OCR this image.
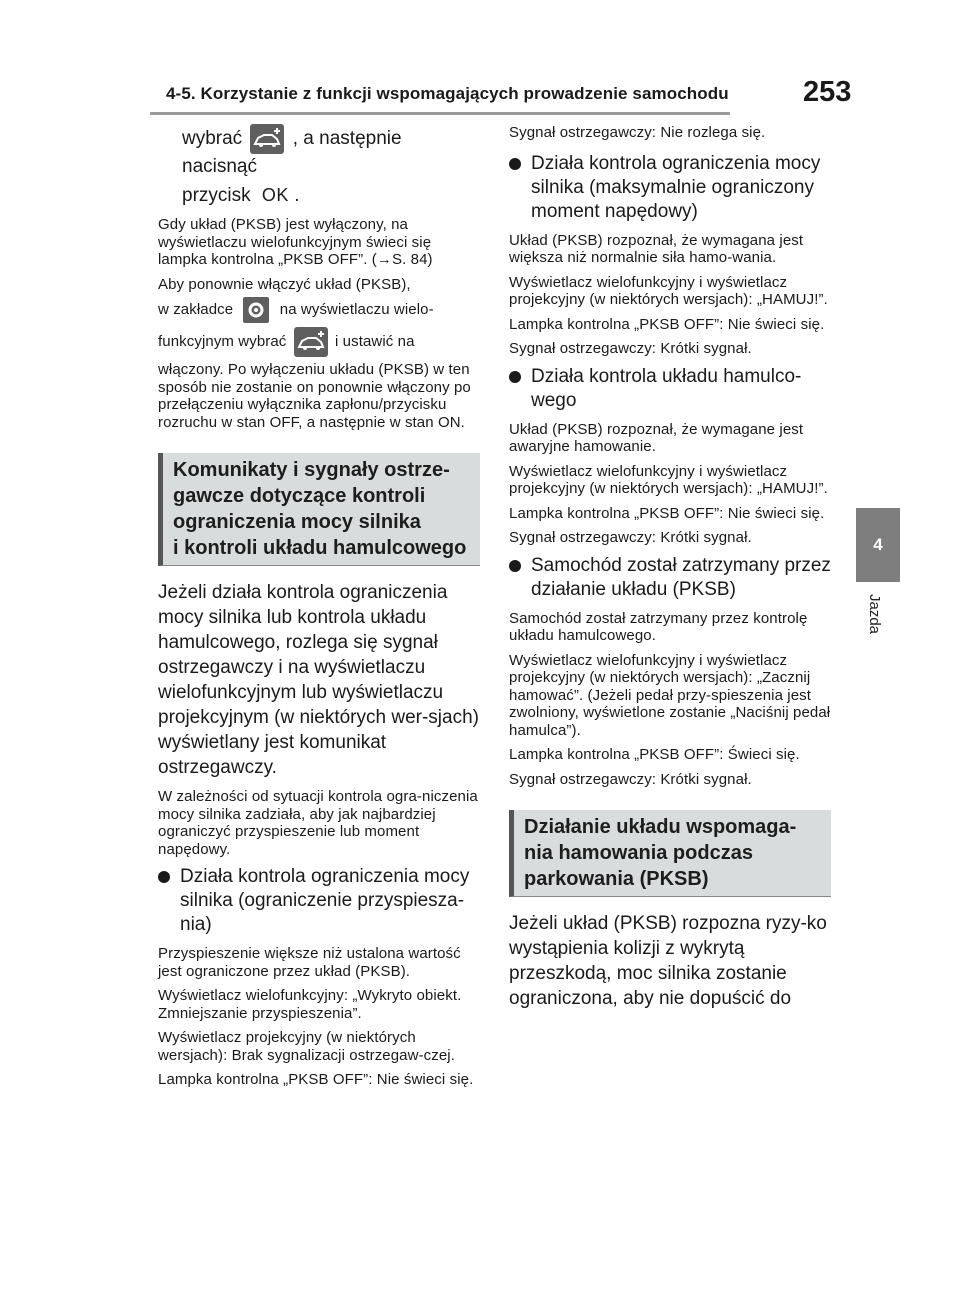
4-5. Korzystanie z funkcji wspomagających prowadzenie samochodu	253
4
Jazda

wybrać	, a następnie nacisnąć

przycisk OK .

Gdy układ (PKSB) jest wyłączony, na wyświetlaczu wielofunkcyjnym świeci się lampka kontrolna „PKSB OFF”. (→S. 84)

Aby ponownie włączyć układ (PKSB),

w zakładce	na wyświetlaczu wielo-

funkcyjnym wybrać	i ustawić na

włączony. Po wyłączeniu układu (PKSB) w ten sposób nie zostanie on ponownie włączony po przełączeniu wyłącznika zapłonu/przycisku rozruchu w stan OFF, a następnie w stan ON.

Komunikaty i sygnały ostrze-

gawcze dotyczące kontroli

ograniczenia mocy silnika

i kontroli układu hamulcowego

Jeżeli działa kontrola ograniczenia mocy silnika lub kontrola układu hamulcowego, rozlega się sygnał ostrzegawczy i na wyświetlaczu wielofunkcyjnym lub wyświetlaczu projekcyjnym (w niektórych wer-sjach) wyświetlany jest komunikat ostrzegawczy.

W zależności od sytuacji kontrola ogra-niczenia mocy silnika zadziała, aby jak najbardziej ograniczyć przyspieszenie lub moment napędowy.

Działa kontrola ograniczenia mocy silnika (ograniczenie przyspiesza-nia)

Przyspieszenie większe niż ustalona wartość jest ograniczone przez układ (PKSB).

Wyświetlacz wielofunkcyjny: „Wykryto obiekt. Zmniejszanie przyspieszenia”.

Wyświetlacz projekcyjny (w niektórych wersjach): Brak sygnalizacji ostrzegaw-czej.

Lampka kontrolna „PKSB OFF”: Nie świeci się.

Sygnał ostrzegawczy: Nie rozlega się.

Działa kontrola ograniczenia mocy silnika (maksymalnie ograniczony moment napędowy)

Układ (PKSB) rozpoznał, że wymagana jest większa niż normalnie siła hamo-wania.

Wyświetlacz wielofunkcyjny i wyświetlacz projekcyjny (w niektórych wersjach): „HAMUJ!”.

Lampka kontrolna „PKSB OFF”: Nie świeci się.

Sygnał ostrzegawczy: Krótki sygnał.

Działa kontrola układu hamulco-wego

Układ (PKSB) rozpoznał, że wymagane jest awaryjne hamowanie.

Wyświetlacz wielofunkcyjny i wyświetlacz projekcyjny (w niektórych wersjach): „HAMUJ!”.

Lampka kontrolna „PKSB OFF”: Nie świeci się.

Sygnał ostrzegawczy: Krótki sygnał.

Samochód został zatrzymany przez działanie układu (PKSB)

Samochód został zatrzymany przez kontrolę układu hamulcowego.

Wyświetlacz wielofunkcyjny i wyświetlacz projekcyjny (w niektórych wersjach): „Zacznij hamować”. (Jeżeli pedał przy-spieszenia jest zwolniony, wyświetlone zostanie „Naciśnij pedał hamulca”).

Lampka kontrolna „PKSB OFF”: Świeci się.

Sygnał ostrzegawczy: Krótki sygnał.

Działanie układu wspomaga-

nia hamowania podczas

parkowania (PKSB)

Jeżeli układ (PKSB) rozpozna ryzy-ko wystąpienia kolizji z wykrytą przeszkodą, moc silnika zostanie ograniczona, aby nie dopuścić do
